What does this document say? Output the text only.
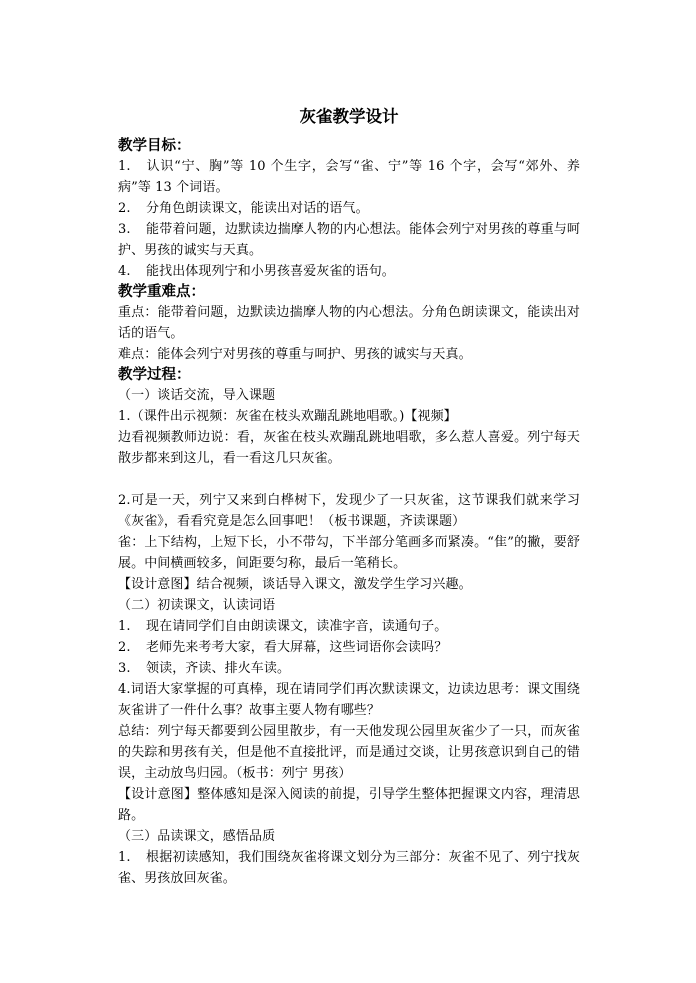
灰雀教学设计
教学目标：
1. 认识“宁、胸”等 10 个生字，会写“雀、宁”等 16 个字，会写“郊外、养病”等 13 个词语。
2. 分角色朗读课文，能读出对话的语气。
3. 能带着问题，边默读边揣摩人物的内心想法。能体会列宁对男孩的尊重与呵护、男孩的诚实与天真。
4. 能找出体现列宁和小男孩喜爱灰雀的语句。
教学重难点：
重点：能带着问题，边默读边揣摩人物的内心想法。分角色朗读课文，能读出对话的语气。
难点：能体会列宁对男孩的尊重与呵护、男孩的诚实与天真。
教学过程：
（一）谈话交流，导入课题
1.（课件出示视频：灰雀在枝头欢蹦乱跳地唱歌。)【视频】
边看视频教师边说：看，灰雀在枝头欢蹦乱跳地唱歌，多么惹人喜爱。列宁每天散步都来到这儿，看一看这几只灰雀。
2.可是一天，列宁又来到白桦树下，发现少了一只灰雀，这节课我们就来学习《灰雀》，看看究竟是怎么回事吧！（板书课题，齐读课题）
雀：上下结构，上短下长，小不带勾，下半部分笔画多而紧凑。“隹”的撇，要舒展。中间横画较多，间距要匀称，最后一笔稍长。
【设计意图】结合视频，谈话导入课文，激发学生学习兴趣。
（二）初读课文，认读词语
1. 现在请同学们自由朗读课文，读准字音，读通句子。
2. 老师先来考考大家，看大屏幕，这些词语你会读吗？
3. 领读，齐读、排火车读。
4.词语大家掌握的可真棒，现在请同学们再次默读课文，边读边思考：课文围绕灰雀讲了一件什么事？故事主要人物有哪些？
总结：列宁每天都要到公园里散步，有一天他发现公园里灰雀少了一只，而灰雀的失踪和男孩有关，但是他不直接批评，而是通过交谈，让男孩意识到自己的错误，主动放鸟归园。（板书：列宁 男孩）
【设计意图】整体感知是深入阅读的前提，引导学生整体把握课文内容，理清思路。
（三）品读课文，感悟品质
1. 根据初读感知，我们围绕灰雀将课文划分为三部分：灰雀不见了、列宁找灰雀、男孩放回灰雀。
